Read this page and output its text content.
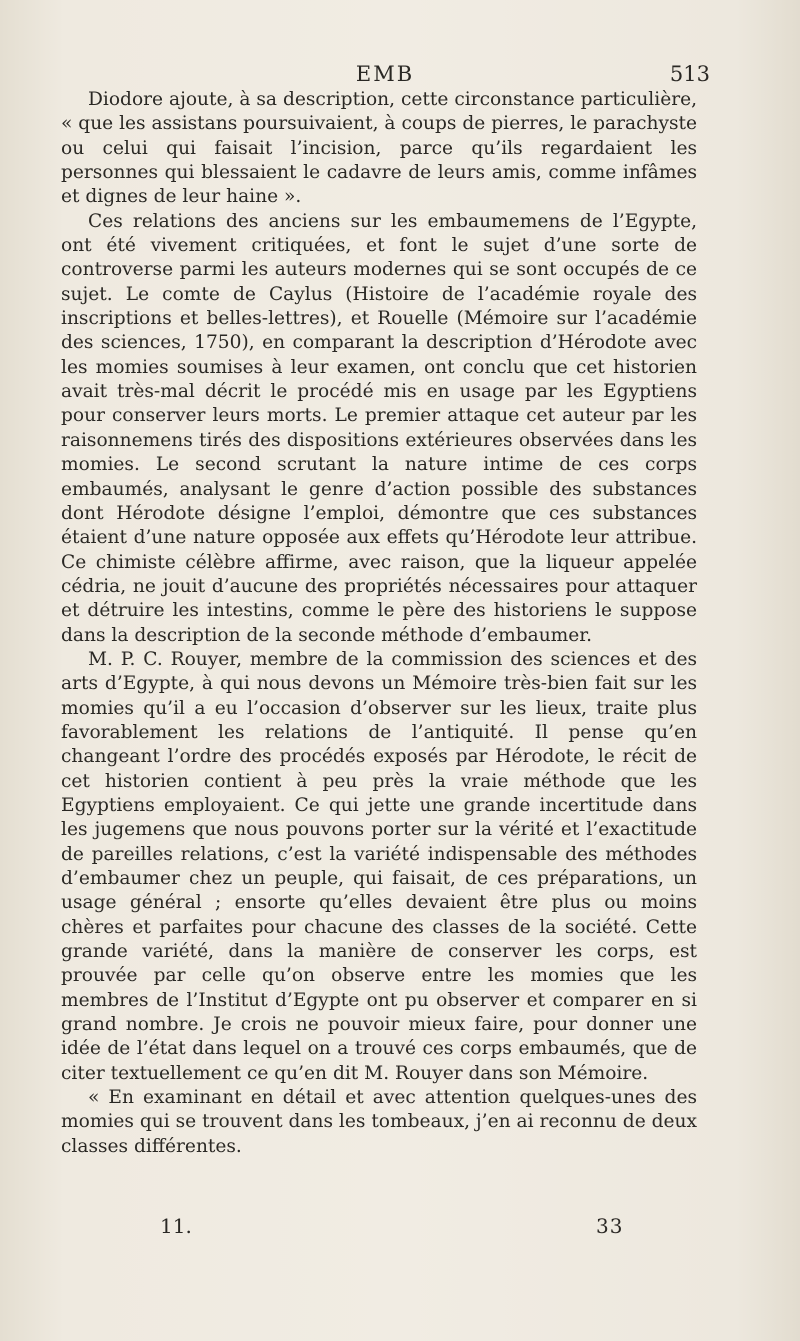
EMB	513

Diodore ajoute, à sa description, cette circonstance particulière, « que les assistans poursuivaient, à coups de pierres, le parachyste ou celui qui faisait l’incision, parce qu’ils regardaient les personnes qui blessaient le cadavre de leurs amis, comme infâmes et dignes de leur haine ».

Ces relations des anciens sur les embaumemens de l’Egypte, ont été vivement critiquées, et font le sujet d’une sorte de controverse parmi les auteurs modernes qui se sont occupés de ce sujet. Le comte de Caylus (Histoire de l’académie royale des inscriptions et belles-lettres), et Rouelle (Mémoire sur l’académie des sciences, 1750), en comparant la description d’Hérodote avec les momies soumises à leur examen, ont conclu que cet historien avait très-mal décrit le procédé mis en usage par les Egyptiens pour conserver leurs morts. Le premier attaque cet auteur par les raisonnemens tirés des dispositions extérieures observées dans les momies. Le second scrutant la nature intime de ces corps embaumés, analysant le genre d’action possible des substances dont Hérodote désigne l’emploi, démontre que ces substances étaient d’une nature opposée aux effets qu’Hérodote leur attribue. Ce chimiste célèbre affirme, avec raison, que la liqueur appelée cédria, ne jouit d’aucune des propriétés nécessaires pour attaquer et détruire les intestins, comme le père des historiens le suppose dans la description de la seconde méthode d’embaumer.

M. P. C. Rouyer, membre de la commission des sciences et des arts d’Egypte, à qui nous devons un Mémoire très-bien fait sur les momies qu’il a eu l’occasion d’observer sur les lieux, traite plus favorablement les relations de l’antiquité. Il pense qu’en changeant l’ordre des procédés exposés par Hérodote, le récit de cet historien contient à peu près la vraie méthode que les Egyptiens employaient. Ce qui jette une grande incertitude dans les jugemens que nous pouvons porter sur la vérité et l’exactitude de pareilles relations, c’est la variété indispensable des méthodes d’embaumer chez un peuple, qui faisait, de ces préparations, un usage général ; ensorte qu’elles devaient être plus ou moins chères et parfaites pour chacune des classes de la société. Cette grande variété, dans la manière de conserver les corps, est prouvée par celle qu’on observe entre les momies que les membres de l’Institut d’Egypte ont pu observer et comparer en si grand nombre. Je crois ne pouvoir mieux faire, pour donner une idée de l’état dans lequel on a trouvé ces corps embaumés, que de citer textuellement ce qu’en dit M. Rouyer dans son Mémoire.

« En examinant en détail et avec attention quelques-unes des momies qui se trouvent dans les tombeaux, j’en ai reconnu de deux classes différentes.

11.	33
